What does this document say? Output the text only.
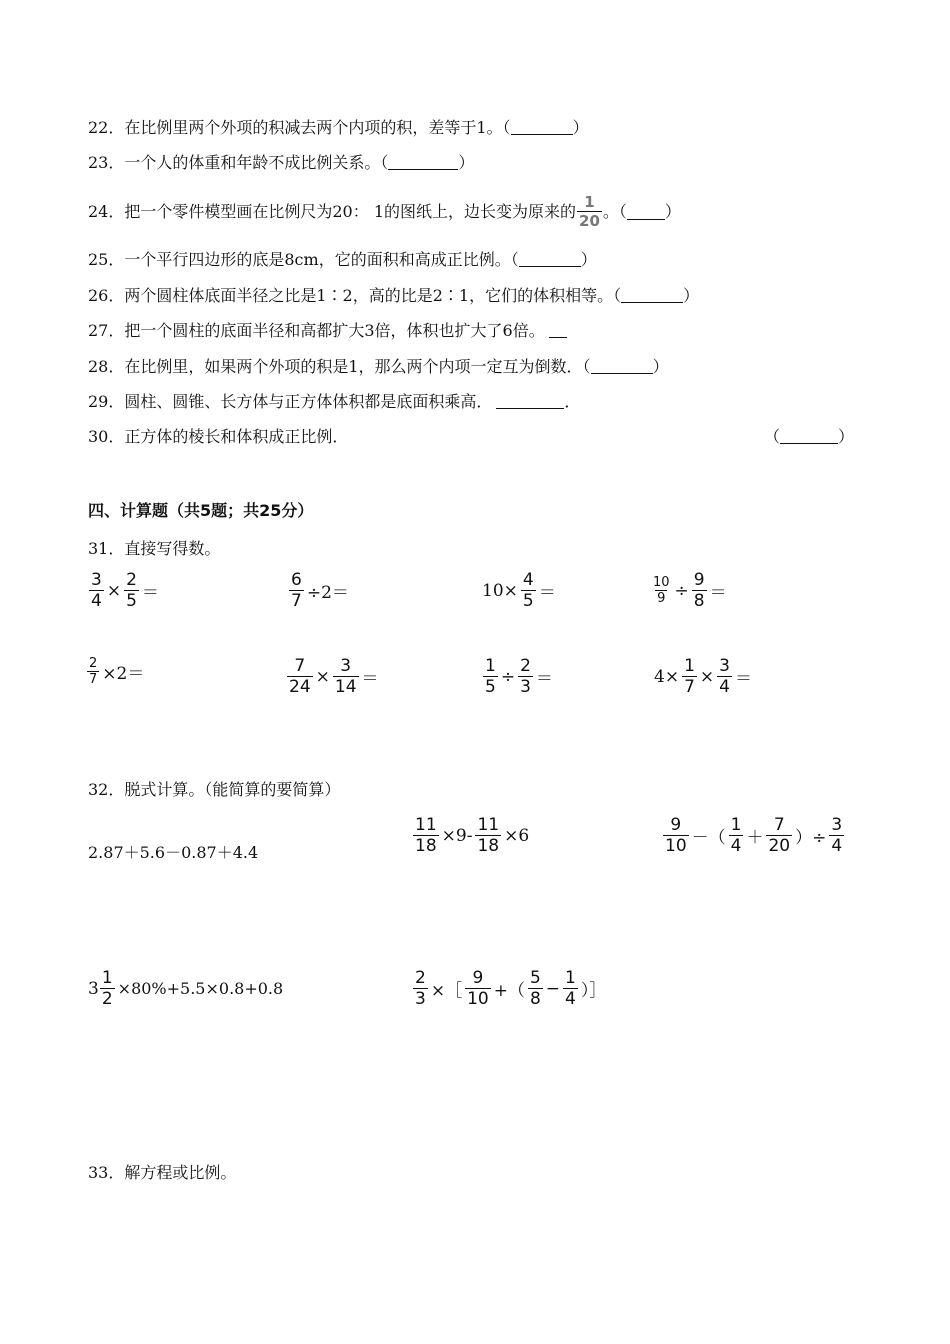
22．在比例里两个外项的积减去两个内项的积，差等于1。（	）
23．一个人的体重和年龄不成比例关系。（	）
24． 把一个零件模型画在比例尺为20： 1的图纸上，边长变为原来的 $\frac{1}{20}$ 。（ ）
25．一个平行四边形的底是8cm，它的面积和高成正比例。（	）
26．两个圆柱体底面半径之比是1∶2，高的比是2∶1，它们的体积相等。（	）
27．把一个圆柱的底面半径和高都扩大3倍，体积也扩大了6倍。
28．在比例里，如果两个外项的积是1，那么两个内项一定互为倒数．（	）
29．圆柱、圆锥、长方体与正方体体积都是底面积乘高．	．
30．正方体的棱长和体积成正比例．	（	）
四、计算题（共5题；共25分）
31．直接写得数。
$\frac{3}{4} \times \frac{2}{5}$ ＝	$\frac{6}{7} \div 2=$	$10\times \frac{4}{5}$ ＝	$\frac{10}{9} \div \frac{9}{8}$ ＝
$\frac{2}{7} \times 2=$	$\frac{7}{24} \times \frac{3}{14}$ ＝	$\frac{1}{5} \div \frac{2}{3}$ ＝	$4\times \frac{1}{7} \times \frac{3}{4}$ ＝
32．脱式计算。（能简算的要简算）
2.87＋5.6－0.87＋4.4	$\frac{11}{18} \times 9- \frac{11}{18} \times 6$	$\frac{9}{10}$ －（ $\frac{1}{4} + \frac{7}{20}$ ）÷ $\frac{3}{4}$
$3 \frac{1}{2} \times 80\%+5.5\times 0.8+0.8$	$\frac{2}{3}$ ×［ $\frac{9}{10}$ +（ $\frac{5}{8} - \frac{1}{4}$ ）］
33．解方程或比例。
